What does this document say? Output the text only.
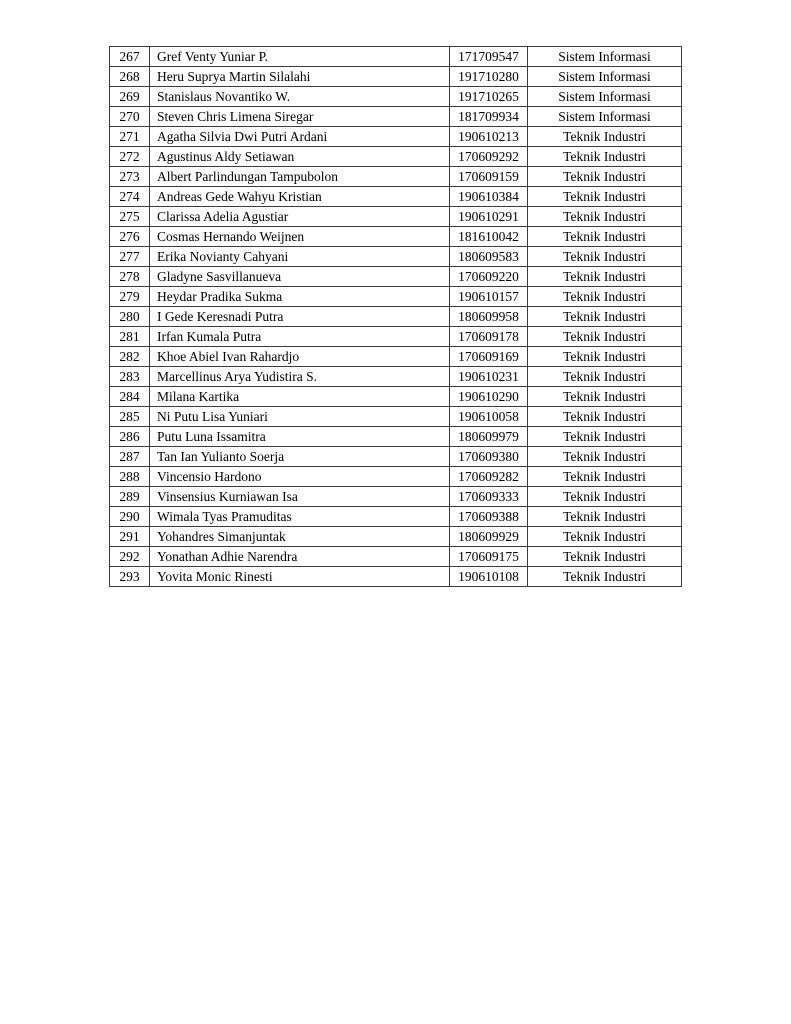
267	Gref Venty Yuniar P.	171709547	Sistem Informasi
268	Heru Suprya Martin Silalahi	191710280	Sistem Informasi
269	Stanislaus Novantiko W.	191710265	Sistem Informasi
270	Steven Chris Limena Siregar	181709934	Sistem Informasi
271	Agatha Silvia Dwi Putri Ardani	190610213	Teknik Industri
272	Agustinus Aldy Setiawan	170609292	Teknik Industri
273	Albert Parlindungan Tampubolon	170609159	Teknik Industri
274	Andreas Gede Wahyu Kristian	190610384	Teknik Industri
275	Clarissa Adelia Agustiar	190610291	Teknik Industri
276	Cosmas Hernando Weijnen	181610042	Teknik Industri
277	Erika Novianty Cahyani	180609583	Teknik Industri
278	Gladyne Sasvillanueva	170609220	Teknik Industri
279	Heydar Pradika Sukma	190610157	Teknik Industri
280	I Gede Keresnadi Putra	180609958	Teknik Industri
281	Irfan Kumala Putra	170609178	Teknik Industri
282	Khoe Abiel Ivan Rahardjo	170609169	Teknik Industri
283	Marcellinus Arya Yudistira S.	190610231	Teknik Industri
284	Milana Kartika	190610290	Teknik Industri
285	Ni Putu Lisa Yuniari	190610058	Teknik Industri
286	Putu Luna Issamitra	180609979	Teknik Industri
287	Tan Ian Yulianto Soerja	170609380	Teknik Industri
288	Vincensio Hardono	170609282	Teknik Industri
289	Vinsensius Kurniawan Isa	170609333	Teknik Industri
290	Wimala Tyas Pramuditas	170609388	Teknik Industri
291	Yohandres Simanjuntak	180609929	Teknik Industri
292	Yonathan Adhie Narendra	170609175	Teknik Industri
293	Yovita Monic Rinesti	190610108	Teknik Industri
